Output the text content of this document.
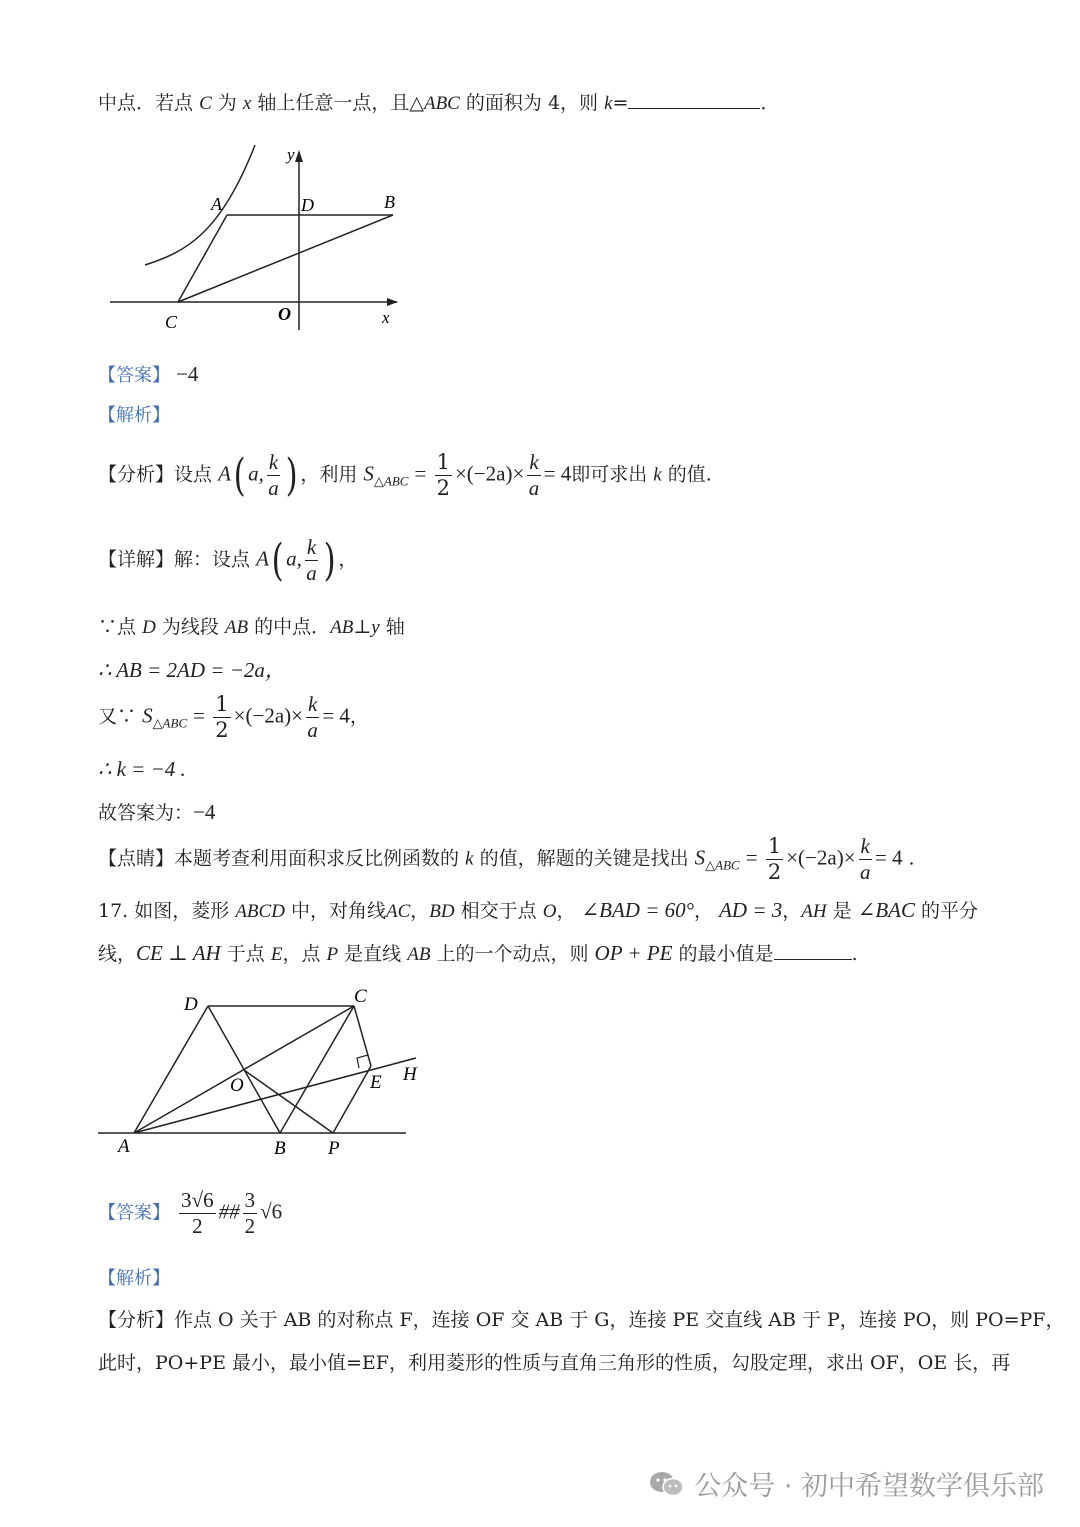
中点．若点 C 为 x 轴上任意一点，且△ABC 的面积为 4，则 k=	．
y
A	D	B
C	O	x
【答案】 −4
【解析】
【分析】设点 A( a, $\frac{k}{a}$ ) ，利用 $S_{\triangle ABC} = \frac{1}{2} \times(-2a)\times \frac{k}{a} = 4$即可求出 k 的值.
【详解】解：设点 A( a, $\frac{k}{a}$ ) ，
∵点 D 为线段 AB 的中点．AB⊥y 轴
∴ AB = 2AD = −2a，
又∵ $S_{\triangle ABC} = \frac{1}{2} \times(-2a)\times \frac{k}{a} = 4$，
∴ k = −4 .
故答案为：−4
【点睛】本题考查利用面积求反比例函数的 k 的值，解题的关键是找出 $S_{\triangle ABC} = \frac{1}{2} \times(-2a)\times \frac{k}{a} = 4$ .
17. 如图，菱形 ABCD 中，对角线AC，BD 相交于点 O， ∠BAD = 60°， AD = 3，AH 是 ∠BAC 的平分
线，CE ⊥ AH 于点 E，点 P 是直线 AB 上的一个动点，则 OP + PE 的最小值是	.
D	C
O	E H
A	B P
【答案】 $\frac{3√6}{2}$ ## $\frac{3}{2} √6$
【解析】
【分析】作点 O 关于 AB 的对称点 F，连接 OF 交 AB 于 G，连接 PE 交直线 AB 于 P，连接 PO，则 PO=PF，
此时，PO+PE 最小，最小值=EF，利用菱形的性质与直角三角形的性质，勾股定理，求出 OF，OE 长，再
公众号 · 初中希望数学俱乐部
